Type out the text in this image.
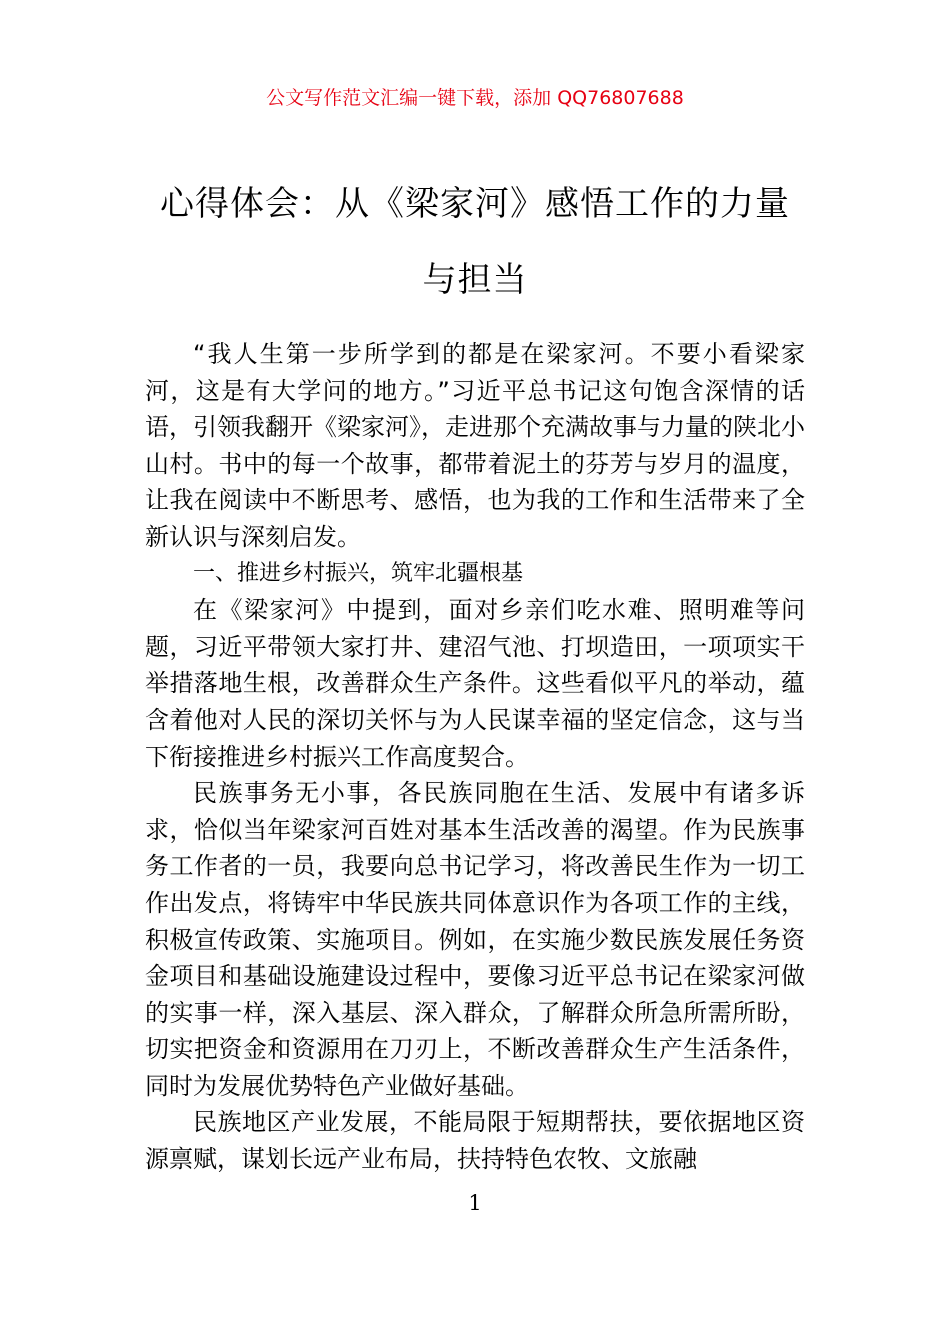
公文写作范文汇编一键下载，添加 QQ76807688
心得体会：从《梁家河》感悟工作的力量与担当

“我人生第一步所学到的都是在梁家河。不要小看梁家河，这是有大学问的地方。”习近平总书记这句饱含深情的话语，引领我翻开《梁家河》，走进那个充满故事与力量的陕北小山村。书中的每一个故事，都带着泥土的芬芳与岁月的温度，让我在阅读中不断思考、感悟，也为我的工作和生活带来了全新认识与深刻启发。

一、推进乡村振兴，筑牢北疆根基

在《梁家河》中提到，面对乡亲们吃水难、照明难等问题，习近平带领大家打井、建沼气池、打坝造田，一项项实干举措落地生根，改善群众生产条件。这些看似平凡的举动，蕴含着他对人民的深切关怀与为人民谋幸福的坚定信念，这与当下衔接推进乡村振兴工作高度契合。

民族事务无小事，各民族同胞在生活、发展中有诸多诉求，恰似当年梁家河百姓对基本生活改善的渴望。作为民族事务工作者的一员，我要向总书记学习，将改善民生作为一切工作出发点，将铸牢中华民族共同体意识作为各项工作的主线，积极宣传政策、实施项目。例如，在实施少数民族发展任务资金项目和基础设施建设过程中，要像习近平总书记在梁家河做的实事一样，深入基层、深入群众，了解群众所急所需所盼，切实把资金和资源用在刀刃上，不断改善群众生产生活条件，同时为发展优势特色产业做好基础。

民族地区产业发展，不能局限于短期帮扶，要依据地区资源禀赋，谋划长远产业布局，扶持特色农牧、文旅融

1
